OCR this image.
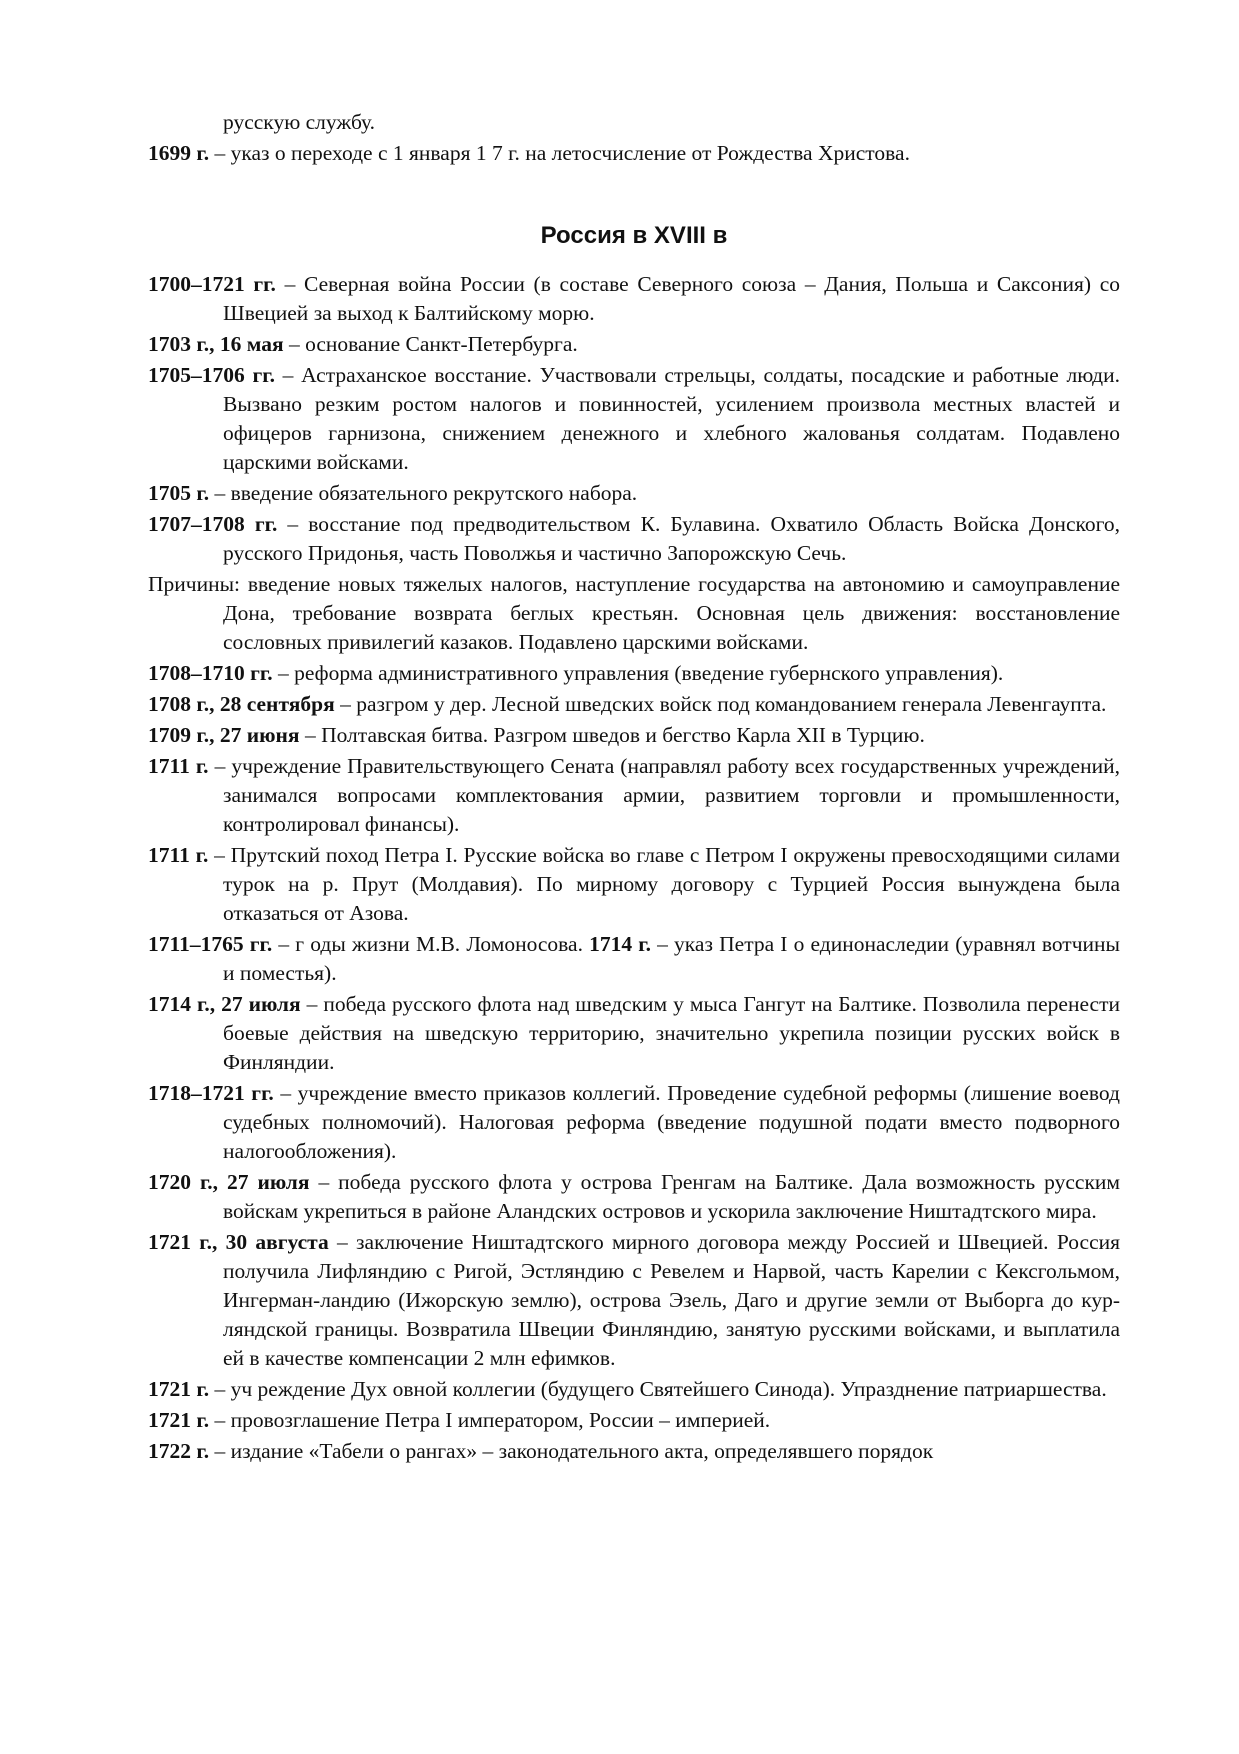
русскую службу.

1699 г. – указ о переходе с 1 января 1 7 г. на летосчисление от Рождества Христова.

Россия в XVIII в

1700–1721 гг. – Северная война России (в составе Северного союза – Дания, Польша и Саксония) со Швецией за выход к Балтийскому морю.

1703 г., 16 мая – основание Санкт-Петербурга.

1705–1706 гг. – Астраханское восстание. Участвовали стрельцы, солдаты, посадские и работные люди. Вызвано резким ростом налогов и повинностей, усилением произвола местных властей и офицеров гарнизона, снижением денежного и хлебного жалованья солдатам. Подавлено царскими войсками.

1705 г. – введение обязательного рекрутского набора.

1707–1708 гг. – восстание под предводительством К. Булавина. Охватило Область Войска Донского, русского Придонья, часть Поволжья и частично Запорожскую Сечь.

Причины: введение новых тяжелых налогов, наступление государства на автономию и самоуправление Дона, требование возврата беглых крестьян. Основная цель движения: восстановление сословных привилегий казаков. Подавлено царскими войсками.

1708–1710 гг. – реформа административного управления (введение губернского управления).

1708 г., 28 сентября – разгром у дер. Лесной шведских войск под командованием генерала Левенгаупта.

1709 г., 27 июня – Полтавская битва. Разгром шведов и бегство Карла XII в Турцию.

1711 г. – учреждение Правительствующего Сената (направлял работу всех государственных учреждений, занимался вопросами комплектования армии, развитием торговли и промышленности, контролировал финансы).

1711 г. – Прутский поход Петра I. Русские войска во главе с Петром I окружены превосходящими силами турок на р. Прут (Молдавия). По мирному договору с Турцией Россия вынуждена была отказаться от Азова.

1711–1765 гг. – г оды жизни М.В. Ломоносова. 1714 г. – указ Петра I о единонаследии (уравнял вотчины и поместья).

1714 г., 27 июля – победа русского флота над шведским у мыса Гангут на Балтике. Позволила перенести боевые действия на шведскую территорию, значительно укрепила позиции русских войск в Финляндии.

1718–1721 гг. – учреждение вместо приказов коллегий. Проведение судебной реформы (лишение воевод судебных полномочий). Налоговая реформа (введение подушной подати вместо подворного налогообложения).

1720 г., 27 июля – победа русского флота у острова Гренгам на Балтике. Дала возможность русским войскам укрепиться в районе Аландских островов и ускорила заключение Ништадтского мира.

1721 г., 30 августа – заключение Ништадтского мирного договора между Россией и Швецией. Россия получила Лифляндию с Ригой, Эстляндию с Ревелем и Нарвой, часть Карелии с Кексгольмом, Ингерман-ландию (Ижорскую землю), острова Эзель, Даго и другие земли от Выборга до кур-ляндской границы. Возвратила Швеции Финляндию, занятую русскими войсками, и выплатила ей в качестве компенсации 2 млн ефимков.

1721 г. – уч реждение Дух овной коллегии (будущего Святейшего Синода). Упразднение патриаршества.

1721 г. – провозглашение Петра I императором, России – империей.

1722 г. – издание «Табели о рангах» – законодательного акта, определявшего порядок
